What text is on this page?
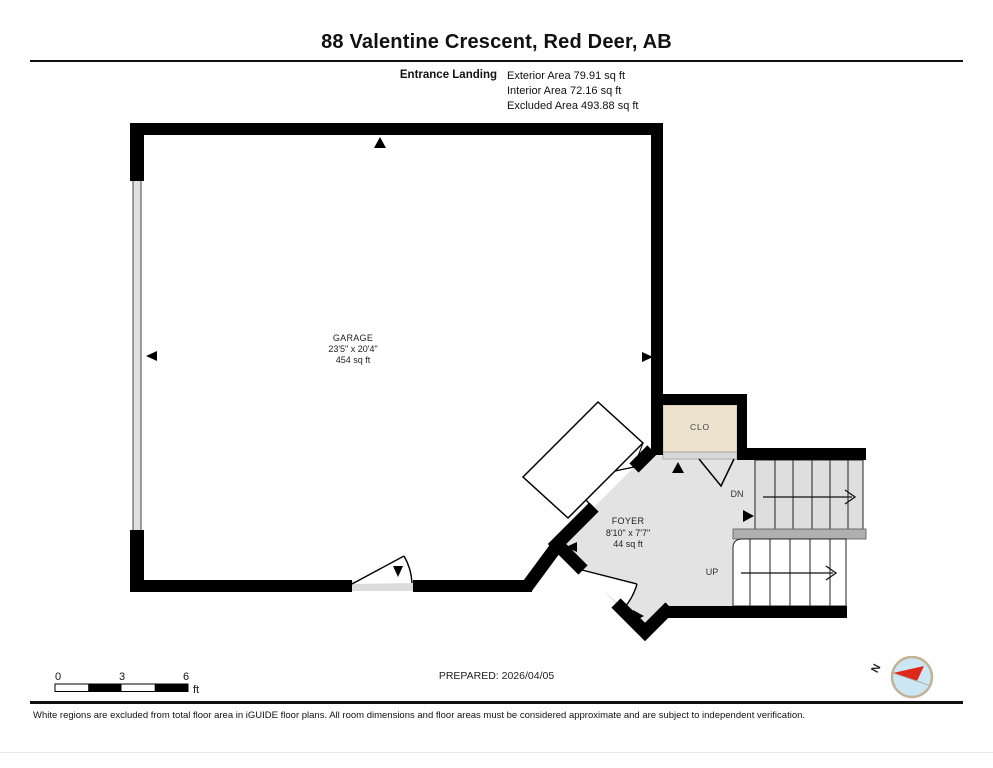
88 Valentine Crescent, Red Deer, AB
Entrance Landing Exterior Area 79.91 sq ft
Interior Area 72.16 sq ft
Excluded Area 493.88 sq ft
GARAGE
23'5" x 20'4"
454 sq ft
FOYER
8'10" x 7'7"
44 sq ft
CLO
DN
UP
0	3	6
ft
N
PREPARED: 2026/04/05
White regions are excluded from total floor area in iGUIDE floor plans. All room dimensions and floor areas must be considered approximate and are subject to independent verification.
